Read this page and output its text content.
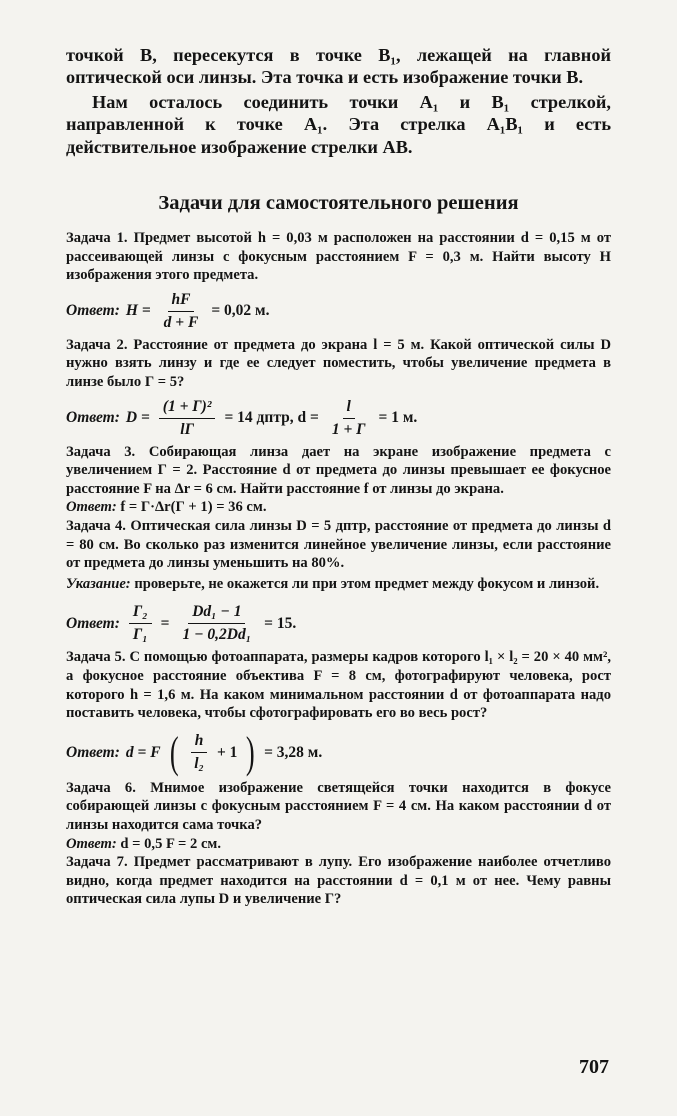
точкой B, пересекутся в точке B₁, лежащей на главной оптической оси линзы. Эта точка и есть изображение точки B.

Нам осталось соединить точки A₁ и B₁ стрелкой, направленной к точке A₁. Эта стрелка A₁B₁ и есть действительное изображение стрелки AB.

Задачи для самостоятельного решения

Задача 1. Предмет высотой h = 0,03 м расположен на расстоянии d = 0,15 м от рассеивающей линзы с фокусным расстоянием F = 0,3 м. Найти высоту H изображения этого предмета.

Ответ: $H = \frac{hF}{d + F} = 0,02$ м.

Задача 2. Расстояние от предмета до экрана l = 5 м. Какой оптической силы D нужно взять линзу и где ее следует поместить, чтобы увеличение предмета в линзе было Г = 5?

Ответ: $D = \frac{\text{(1 + Г)²}}{lГ} = 14$ дптр, $d = \frac{l}{1 + Г} = 1$ м.

Задача 3. Собирающая линза дает на экране изображение предмета с увеличением Г = 2. Расстояние d от предмета до линзы превышает ее фокусное расстояние F на Δr = 6 см. Найти расстояние f от линзы до экрана.

Ответ: f = Г·Δr(Г + 1) = 36 см.

Задача 4. Оптическая сила линзы D = 5 дптр, расстояние от предмета до линзы d = 80 см. Во сколько раз изменится линейное увеличение линзы, если расстояние от предмета до линзы уменьшить на 80%.

Указание: проверьте, не окажется ли при этом предмет между фокусом и линзой.

Ответ: $\frac{\text{Г₂}}{\text{Г₁}} = \frac{\text{Dd₁ − 1}}{\text{1 − 0,2Dd₁}} = 15$.

Задача 5. С помощью фотоаппарата, размеры кадров которого l₁ × l₂ = 20 × 40 мм², а фокусное расстояние объектива F = 8 см, фотографируют человека, рост которого h = 1,6 м. На каком минимальном расстоянии d от фотоаппарата надо поставить человека, чтобы сфотографировать его во весь рост?

Ответ: d = F ( $\frac{h}{\text{l₂}} + 1$ ) = 3,28 м.

Задача 6. Мнимое изображение светящейся точки находится в фокусе собирающей линзы с фокусным расстоянием F = 4 см. На каком расстоянии d от линзы находится сама точка?

Ответ: d = 0,5 F = 2 см.

Задача 7. Предмет рассматривают в лупу. Его изображение наиболее отчетливо видно, когда предмет находится на расстоянии d = 0,1 м от нее. Чему равны оптическая сила лупы D и увеличение Г?

707
